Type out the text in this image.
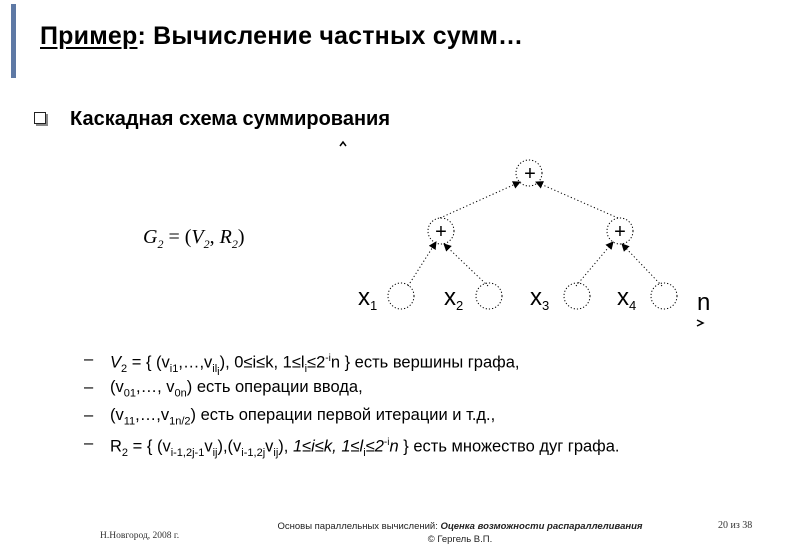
Пример: Вычисление частных сумм…
Каскадная схема суммирования
$G_2 = (V_2$, $R_2$)
+
+	+
$x_1$	$x_2$	$x_3$	$x_4$	n
– $V_2$ = { $(v_{i1},\dots,v_{il_i})$, 0≤i≤k, $1\le l_i\le 2^{-i}n$ } есть вершины графа,
– ($v_{01},\dots$, $v_{0n}$) есть операции ввода,
– $(v_{11},\dots,v_{1n/2})$ есть операции первой итерации и т.д.,
– $R_2$ = { $(v_{i-1,2j-1}v_{ij}),(v_{i-1,2j}v_{ij})$, 1≤i≤k, $1\le l_i\le 2^{-i}n$ } есть множество дуг графа.
Н.Новгород, 2008 г.
Основы параллельных вычислений: Оценка возможности распараллеливания
© Гергель В.П.
20 из 38
